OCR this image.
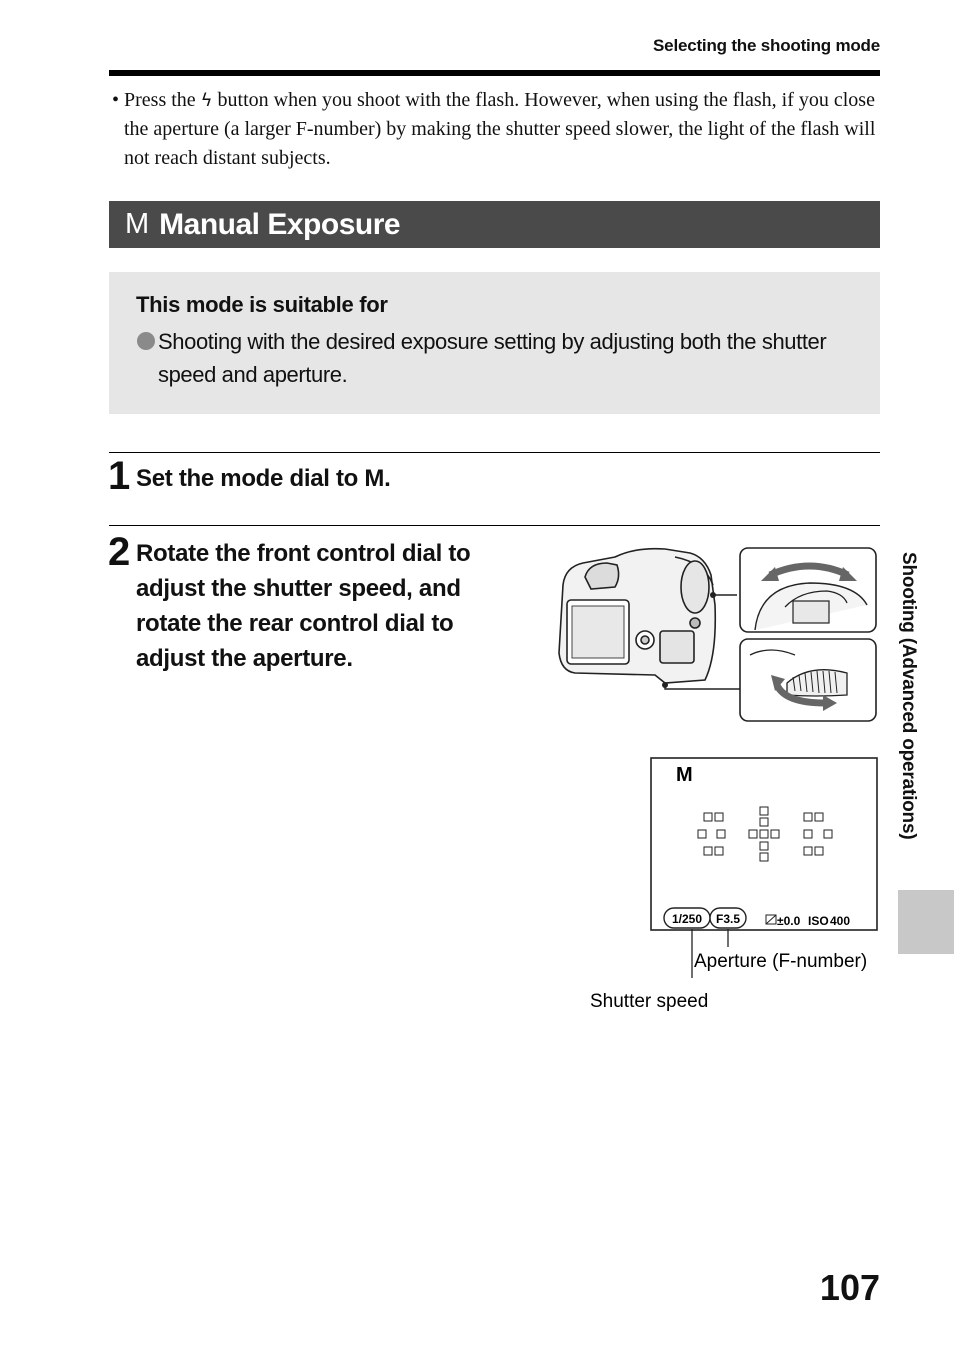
Selecting the shooting mode
• Press the ϟ button when you shoot with the flash. However, when using the flash, if you close the aperture (a larger F-number) by making the shutter speed slower, the light of the flash will not reach distant subjects.
M Manual Exposure
This mode is suitable for
Shooting with the desired exposure setting by adjusting both the shutter speed and aperture.
1 Set the mode dial to M.
2 Rotate the front control dial to adjust the shutter speed, and rotate the rear control dial to adjust the aperture.
M
1/250 F3.5	±0.0 ISO 400
Aperture (F-number)
Shutter speed
Shooting (Advanced operations)
107
